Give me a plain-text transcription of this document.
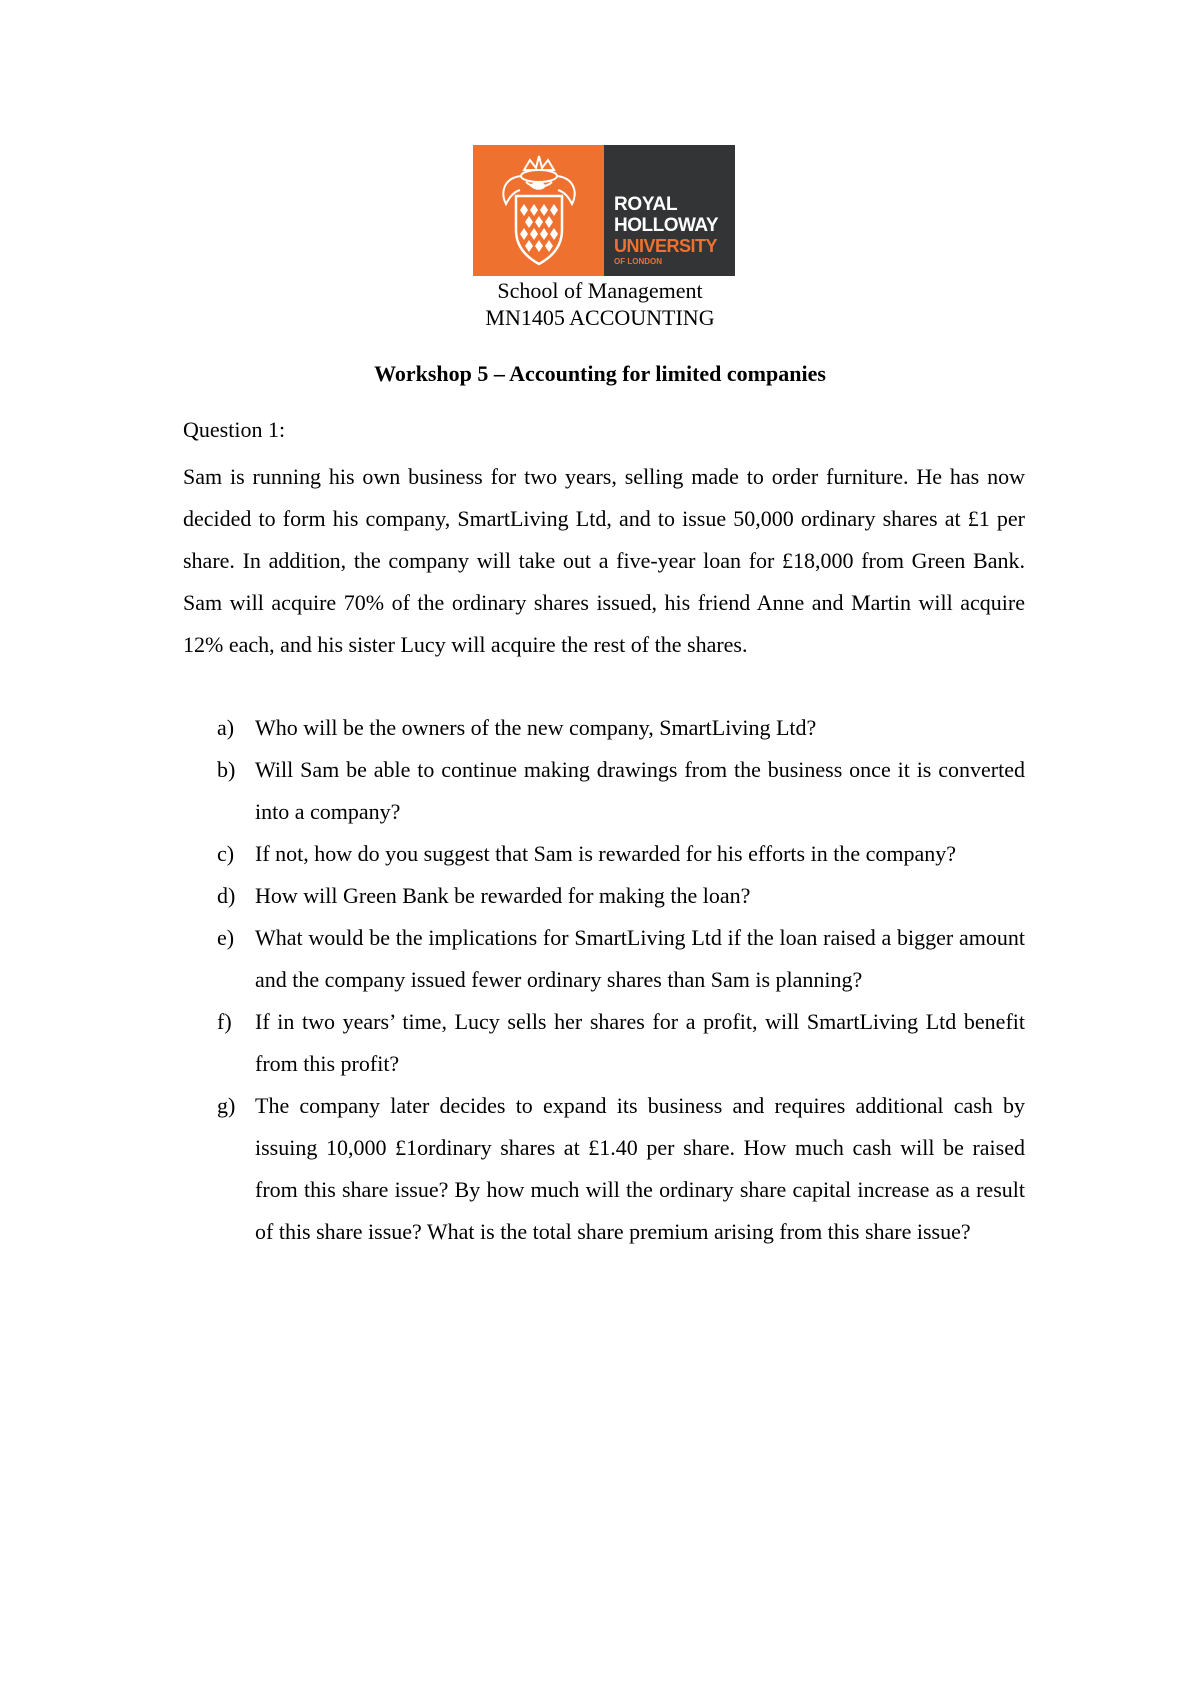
ROYAL
HOLLOWAY
UNIVERSITY
OF LONDON
School of Management
MN1405 ACCOUNTING
Workshop 5 – Accounting for limited companies
Question 1:

Sam is running his own business for two years, selling made to order furniture. He has now decided to form his company, SmartLiving Ltd, and to issue 50,000 ordinary shares at £1 per share. In addition, the company will take out a five-year loan for £18,000 from Green Bank. Sam will acquire 70% of the ordinary shares issued, his friend Anne and Martin will acquire 12% each, and his sister Lucy will acquire the rest of the shares.

a) Who will be the owners of the new company, SmartLiving Ltd?
b) Will Sam be able to continue making drawings from the business once it is converted into a company?
c) If not, how do you suggest that Sam is rewarded for his efforts in the company?
d) How will Green Bank be rewarded for making the loan?
e) What would be the implications for SmartLiving Ltd if the loan raised a bigger amount and the company issued fewer ordinary shares than Sam is planning?
f) If in two years’ time, Lucy sells her shares for a profit, will SmartLiving Ltd benefit from this profit?
g) The company later decides to expand its business and requires additional cash by issuing 10,000 £1ordinary shares at £1.40 per share. How much cash will be raised from this share issue? By how much will the ordinary share capital increase as a result of this share issue? What is the total share premium arising from this share issue?
